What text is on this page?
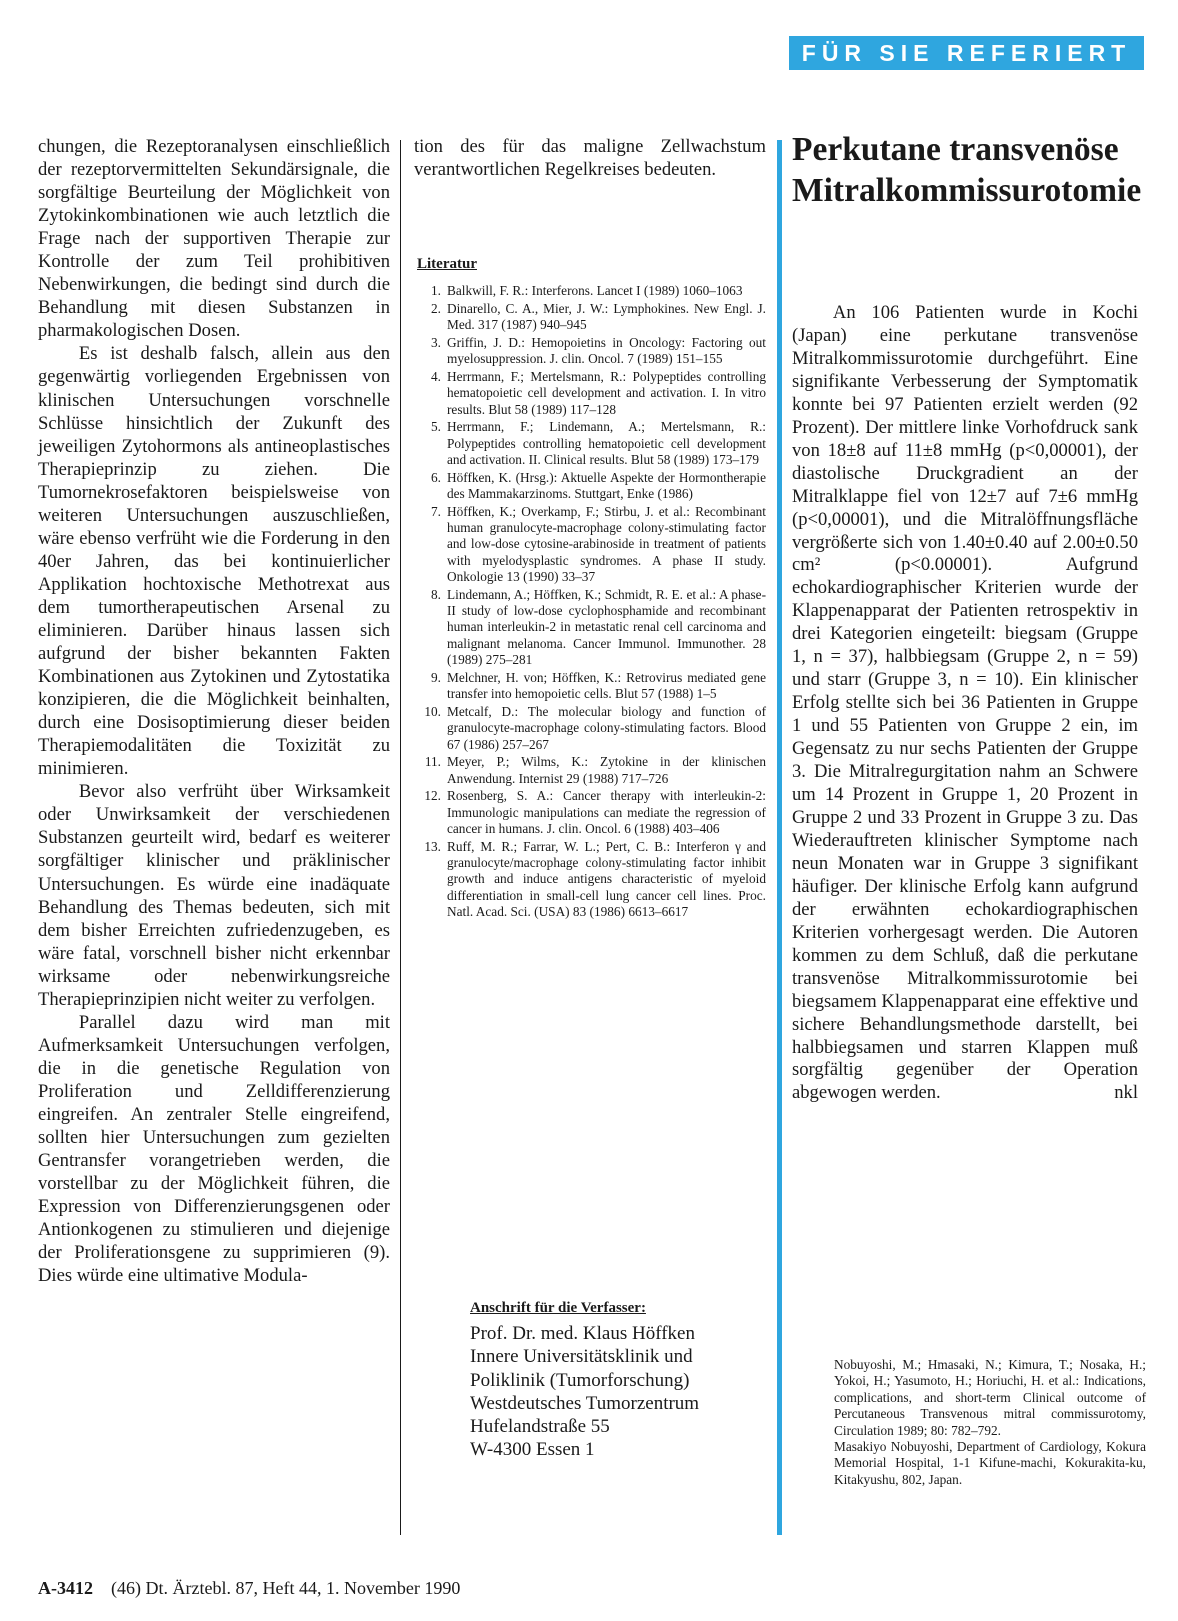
FÜR SIE REFERIERT

chungen, die Rezeptoranalysen einschließlich der rezeptorvermittelten Sekundärsignale, die sorgfältige Beurteilung der Möglichkeit von Zytokinkombinationen wie auch letztlich die Frage nach der supportiven Therapie zur Kontrolle der zum Teil prohibitiven Nebenwirkungen, die bedingt sind durch die Behandlung mit diesen Substanzen in pharmakologischen Dosen.

Es ist deshalb falsch, allein aus den gegenwärtig vorliegenden Ergebnissen von klinischen Untersuchungen vorschnelle Schlüsse hinsichtlich der Zukunft des jeweiligen Zytohormons als antineoplastisches Therapieprinzip zu ziehen. Die Tumornekrosefaktoren beispielsweise von weiteren Untersuchungen auszuschließen, wäre ebenso verfrüht wie die Forderung in den 40er Jahren, das bei kontinuierlicher Applikation hochtoxische Methotrexat aus dem tumortherapeutischen Arsenal zu eliminieren. Darüber hinaus lassen sich aufgrund der bisher bekannten Fakten Kombinationen aus Zytokinen und Zytostatika konzipieren, die die Möglichkeit beinhalten, durch eine Dosisoptimierung dieser beiden Therapiemodalitäten die Toxizität zu minimieren.

Bevor also verfrüht über Wirksamkeit oder Unwirksamkeit der verschiedenen Substanzen geurteilt wird, bedarf es weiterer sorgfältiger klinischer und präklinischer Untersuchungen. Es würde eine inadäquate Behandlung des Themas bedeuten, sich mit dem bisher Erreichten zufriedenzugeben, es wäre fatal, vorschnell bisher nicht erkennbar wirksame oder nebenwirkungsreiche Therapieprinzipien nicht weiter zu verfolgen.

Parallel dazu wird man mit Aufmerksamkeit Untersuchungen verfolgen, die in die genetische Regulation von Proliferation und Zelldifferenzierung eingreifen. An zentraler Stelle eingreifend, sollten hier Untersuchungen zum gezielten Gentransfer vorangetrieben werden, die vorstellbar zu der Möglichkeit führen, die Expression von Differenzierungsgenen oder Antionkogenen zu stimulieren und diejenige der Proliferationsgene zu supprimieren (9). Dies würde eine ultimative Modula-

tion des für das maligne Zellwachstum verantwortlichen Regelkreises bedeuten.

Literatur
1. Balkwill, F. R.: Interferons. Lancet I (1989) 1060–1063
2. Dinarello, C. A., Mier, J. W.: Lymphokines. New Engl. J. Med. 317 (1987) 940–945
3. Griffin, J. D.: Hemopoietins in Oncology: Factoring out myelosuppression. J. clin. Oncol. 7 (1989) 151–155
4. Herrmann, F.; Mertelsmann, R.: Polypeptides controlling hematopoietic cell development and activation. I. In vitro results. Blut 58 (1989) 117–128
5. Herrmann, F.; Lindemann, A.; Mertelsmann, R.: Polypeptides controlling hematopoietic cell development and activation. II. Clinical results. Blut 58 (1989) 173–179
6. Höffken, K. (Hrsg.): Aktuelle Aspekte der Hormontherapie des Mammakarzinoms. Stuttgart, Enke (1986)
7. Höffken, K.; Overkamp, F.; Stirbu, J. et al.: Recombinant human granulocyte-macrophage colony-stimulating factor and low-dose cytosine-arabinoside in treatment of patients with myelodysplastic syndromes. A phase II study. Onkologie 13 (1990) 33–37
8. Lindemann, A.; Höffken, K.; Schmidt, R. E. et al.: A phase-II study of low-dose cyclophosphamide and recombinant human interleukin-2 in metastatic renal cell carcinoma and malignant melanoma. Cancer Immunol. Immunother. 28 (1989) 275–281
9. Melchner, H. von; Höffken, K.: Retrovirus mediated gene transfer into hemopoietic cells. Blut 57 (1988) 1–5
10. Metcalf, D.: The molecular biology and function of granulocyte-macrophage colony-stimulating factors. Blood 67 (1986) 257–267
11. Meyer, P.; Wilms, K.: Zytokine in der klinischen Anwendung. Internist 29 (1988) 717–726
12. Rosenberg, S. A.: Cancer therapy with interleukin-2: Immunologic manipulations can mediate the regression of cancer in humans. J. clin. Oncol. 6 (1988) 403–406
13. Ruff, M. R.; Farrar, W. L.; Pert, C. B.: Interferon γ and granulocyte/macrophage colony-stimulating factor inhibit growth and induce antigens characteristic of myeloid differentiation in small-cell lung cancer cell lines. Proc. Natl. Acad. Sci. (USA) 83 (1986) 6613–6617
Anschrift für die Verfasser:
Prof. Dr. med. Klaus Höffken
Innere Universitätsklinik und
Poliklinik (Tumorforschung)
Westdeutsches Tumorzentrum
Hufelandstraße 55
W-4300 Essen 1
Perkutane transvenöse Mitralkommissurotomie

An 106 Patienten wurde in Kochi (Japan) eine perkutane transvenöse Mitralkommissurotomie durchgeführt. Eine signifikante Verbesserung der Symptomatik konnte bei 97 Patienten erzielt werden (92 Prozent). Der mittlere linke Vorhofdruck sank von 18±8 auf 11±8 mmHg (p<0,00001), der diastolische Druckgradient an der Mitralklappe fiel von 12±7 auf 7±6 mmHg (p<0,00001), und die Mitralöffnungsfläche vergrößerte sich von 1.40±0.40 auf 2.00±0.50 cm² (p<0.00001). Aufgrund echokardiographischer Kriterien wurde der Klappenapparat der Patienten retrospektiv in drei Kategorien eingeteilt: biegsam (Gruppe 1, n = 37), halbbiegsam (Gruppe 2, n = 59) und starr (Gruppe 3, n = 10). Ein klinischer Erfolg stellte sich bei 36 Patienten in Gruppe 1 und 55 Patienten von Gruppe 2 ein, im Gegensatz zu nur sechs Patienten der Gruppe 3. Die Mitralregurgitation nahm an Schwere um 14 Prozent in Gruppe 1, 20 Prozent in Gruppe 2 und 33 Prozent in Gruppe 3 zu. Das Wiederauftreten klinischer Symptome nach neun Monaten war in Gruppe 3 signifikant häufiger. Der klinische Erfolg kann aufgrund der erwähnten echokardiographischen Kriterien vorhergesagt werden. Die Autoren kommen zu dem Schluß, daß die perkutane transvenöse Mitralkommissurotomie bei biegsamem Klappenapparat eine effektive und sichere Behandlungsmethode darstellt, bei halbbiegsamen und starren Klappen muß sorgfältig gegenüber der Operation abgewogen werden.	nkl

Nobuyoshi, M.; Hmasaki, N.; Kimura, T.; Nosaka, H.; Yokoi, H.; Yasumoto, H.; Horiuchi, H. et al.: Indications, complications, and short-term Clinical outcome of Percutaneous Transvenous mitral commissurotomy, Circulation 1989; 80: 782–792.

Masakiyo Nobuyoshi, Department of Cardiology, Kokura Memorial Hospital, 1-1 Kifune-machi, Kokurakita-ku, Kitakyushu, 802, Japan.

A-3412 (46) Dt. Ärztebl. 87, Heft 44, 1. November 1990
